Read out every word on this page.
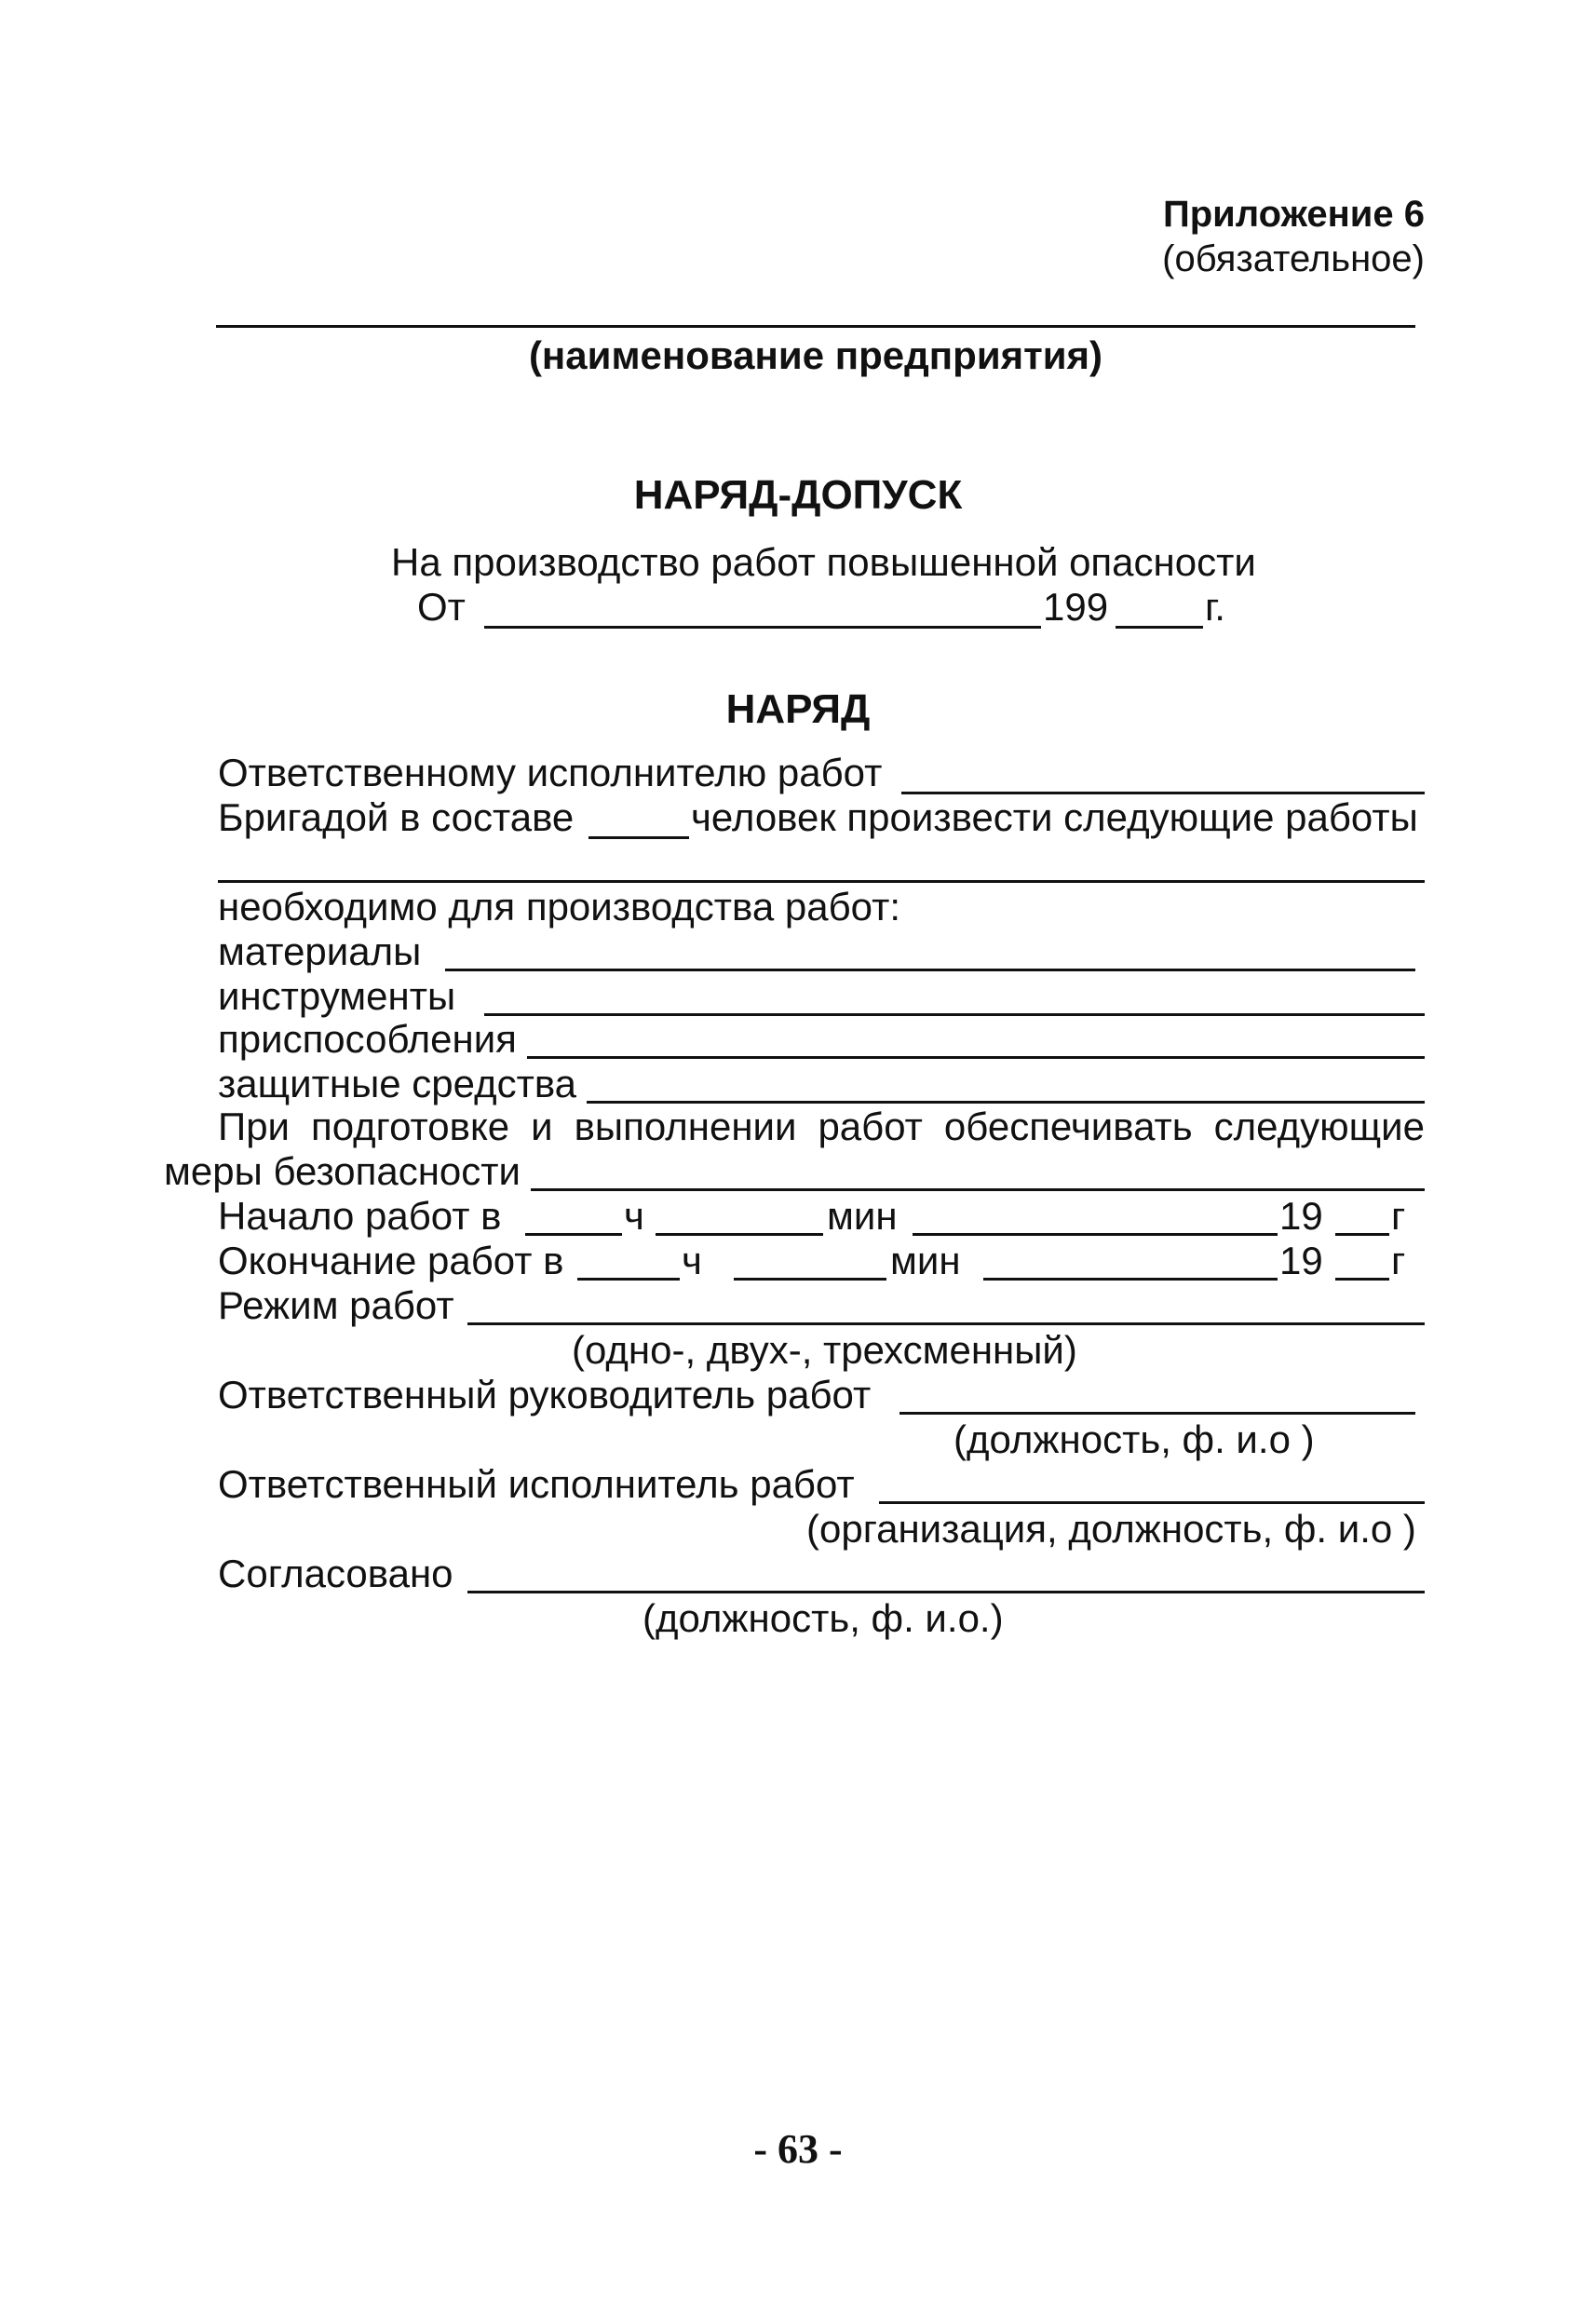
Приложение 6
(обязательное)
(наименование предприятия)
НАРЯД-ДОПУСК
На производство работ повышенной опасности
От	199 г.
НАРЯД
Ответственному исполнителю работ
Бригадой в составе	человек произвести следующие работы
необходимо для производства работ:
материалы
инструменты
приспособления
защитные средства
При подготовке и выполнении работ обеспечивать следующие
меры безопасности
Начало работ в	ч	мин	19 г
Окончание работ в	ч	мин	19 г
Режим работ
(одно-, двух-, трехсменный)
Ответственный руководитель работ
(должность, ф. и.о )
Ответственный исполнитель работ
(организация, должность, ф. и.о )
Согласовано
(должность, ф. и.о.)
- 63 -
